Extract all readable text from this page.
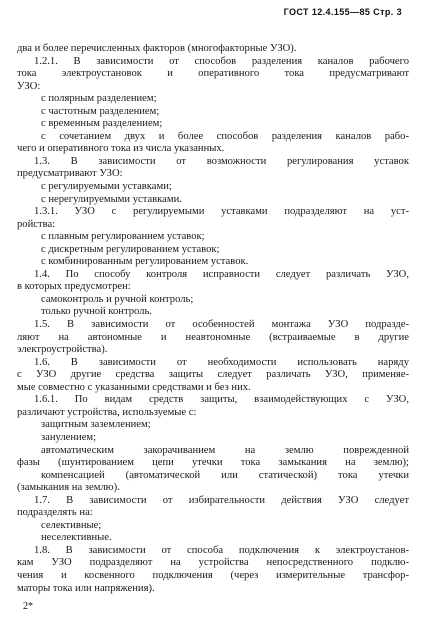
ГОСТ 12.4.155—85 Стр. 3
два и более перечисленных факторов (многофакторные УЗО).
1.2.1. В зависимости от способов разделения каналов рабочего
тока электроустановок и оперативного тока предусматривают
УЗО:
с полярным разделением;
с частотным разделением;
с временным разделением;
с сочетанием двух и более способов разделения каналов рабо-
чего и оперативного тока из числа указанных.
1.3. В зависимости от возможности регулирования уставок
предусматривают УЗО:
с регулируемыми уставками;
с нерегулируемыми уставками.
1.3.1. УЗО с регулируемыми уставками подразделяют на уст-
ройства:
с плавным регулированием уставок;
с дискретным регулированием уставок;
с комбинированным регулированием уставок.
1.4. По способу контроля исправности следует различать УЗО,
в которых предусмотрен:
самоконтроль и ручной контроль;
только ручной контроль.
1.5. В зависимости от особенностей монтажа УЗО подразде-
ляют на автономные и неавтономные (встраиваемые в другие
электроустройства).
1.6. В зависимости от необходимости использовать наряду
с УЗО другие средства защиты следует различать УЗО, применяе-
мые совместно с указанными средствами и без них.
1.6.1. По видам средств защиты, взаимодействующих с УЗО,
различают устройства, используемые с:
защитным заземлением;
занулением;
автоматическим закорачиванием на землю поврежденной
фазы (шунтированием цепи утечки тока замыкания на землю);
компенсацией (автоматической или статической) тока утечки
(замыкания на землю).
1.7. В зависимости от избирательности действия УЗО следует
подразделять на:
селективные;
неселективные.
1.8. В зависимости от способа подключения к электроустанов-
кам УЗО подразделяют на устройства непосредственного подклю-
чения и косвенного подключения (через измерительные трансфор-
маторы тока или напряжения).
2*
